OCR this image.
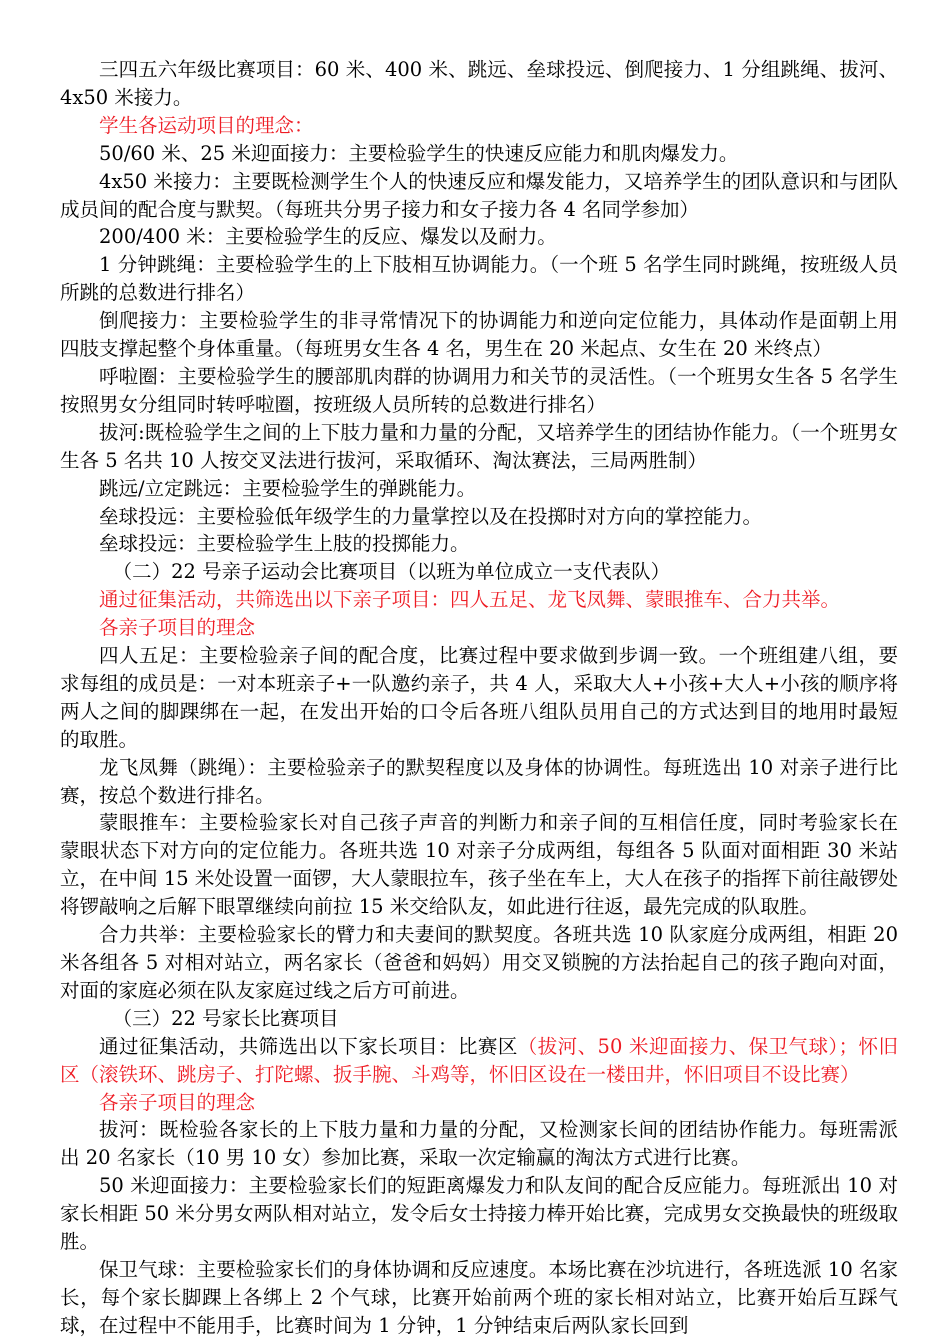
三四五六年级比赛项目：60 米、400 米、跳远、垒球投远、倒爬接力、1 分组跳绳、拔河、4x50 米接力。

学生各运动项目的理念：

50/60 米、25 米迎面接力：主要检验学生的快速反应能力和肌肉爆发力。

4x50 米接力：主要既检测学生个人的快速反应和爆发能力，又培养学生的团队意识和与团队成员间的配合度与默契。（每班共分男子接力和女子接力各 4 名同学参加）

200/400 米：主要检验学生的反应、爆发以及耐力。

1 分钟跳绳：主要检验学生的上下肢相互协调能力。（一个班 5 名学生同时跳绳，按班级人员所跳的总数进行排名）

倒爬接力：主要检验学生的非寻常情况下的协调能力和逆向定位能力，具体动作是面朝上用四肢支撑起整个身体重量。（每班男女生各 4 名，男生在 20 米起点、女生在 20 米终点）

呼啦圈：主要检验学生的腰部肌肉群的协调用力和关节的灵活性。（一个班男女生各 5 名学生按照男女分组同时转呼啦圈，按班级人员所转的总数进行排名）

拔河:既检验学生之间的上下肢力量和力量的分配，又培养学生的团结协作能力。（一个班男女生各 5 名共 10 人按交叉法进行拔河，采取循环、淘汰赛法，三局两胜制）

跳远/立定跳远：主要检验学生的弹跳能力。

垒球投远：主要检验低年级学生的力量掌控以及在投掷时对方向的掌控能力。

垒球投远：主要检验学生上肢的投掷能力。

（二）22 号亲子运动会比赛项目（以班为单位成立一支代表队）

通过征集活动，共筛选出以下亲子项目：四人五足、龙飞凤舞、蒙眼推车、合力共举。

各亲子项目的理念

四人五足：主要检验亲子间的配合度，比赛过程中要求做到步调一致。一个班组建八组，要求每组的成员是：一对本班亲子+一队邀约亲子，共 4 人，采取大人+小孩+大人+小孩的顺序将两人之间的脚踝绑在一起，在发出开始的口令后各班八组队员用自己的方式达到目的地用时最短的取胜。

龙飞凤舞（跳绳）：主要检验亲子的默契程度以及身体的协调性。每班选出 10 对亲子进行比赛，按总个数进行排名。

蒙眼推车：主要检验家长对自己孩子声音的判断力和亲子间的互相信任度，同时考验家长在蒙眼状态下对方向的定位能力。各班共选 10 对亲子分成两组，每组各 5 队面对面相距 30 米站立，在中间 15 米处设置一面锣，大人蒙眼拉车，孩子坐在车上，大人在孩子的指挥下前往敲锣处将锣敲响之后解下眼罩继续向前拉 15 米交给队友，如此进行往返，最先完成的队取胜。

合力共举：主要检验家长的臂力和夫妻间的默契度。各班共选 10 队家庭分成两组，相距 20 米各组各 5 对相对站立，两名家长（爸爸和妈妈）用交叉锁腕的方法抬起自己的孩子跑向对面，对面的家庭必须在队友家庭过线之后方可前进。

（三）22 号家长比赛项目

通过征集活动，共筛选出以下家长项目：比赛区（拔河、50 米迎面接力、保卫气球）；怀旧区（滚铁环、跳房子、打陀螺、扳手腕、斗鸡等，怀旧区设在一楼田井，怀旧项目不设比赛）

各亲子项目的理念

拔河：既检验各家长的上下肢力量和力量的分配，又检测家长间的团结协作能力。每班需派出 20 名家长（10 男 10 女）参加比赛，采取一次定输赢的淘汰方式进行比赛。

50 米迎面接力：主要检验家长们的短距离爆发力和队友间的配合反应能力。每班派出 10 对家长相距 50 米分男女两队相对站立，发令后女士持接力棒开始比赛，完成男女交换最快的班级取胜。

保卫气球：主要检验家长们的身体协调和反应速度。本场比赛在沙坑进行，各班选派 10 名家长，每个家长脚踝上各绑上 2 个气球，比赛开始前两个班的家长相对站立，比赛开始后互踩气球，在过程中不能用手，比赛时间为 1 分钟，1 分钟结束后两队家长回到
